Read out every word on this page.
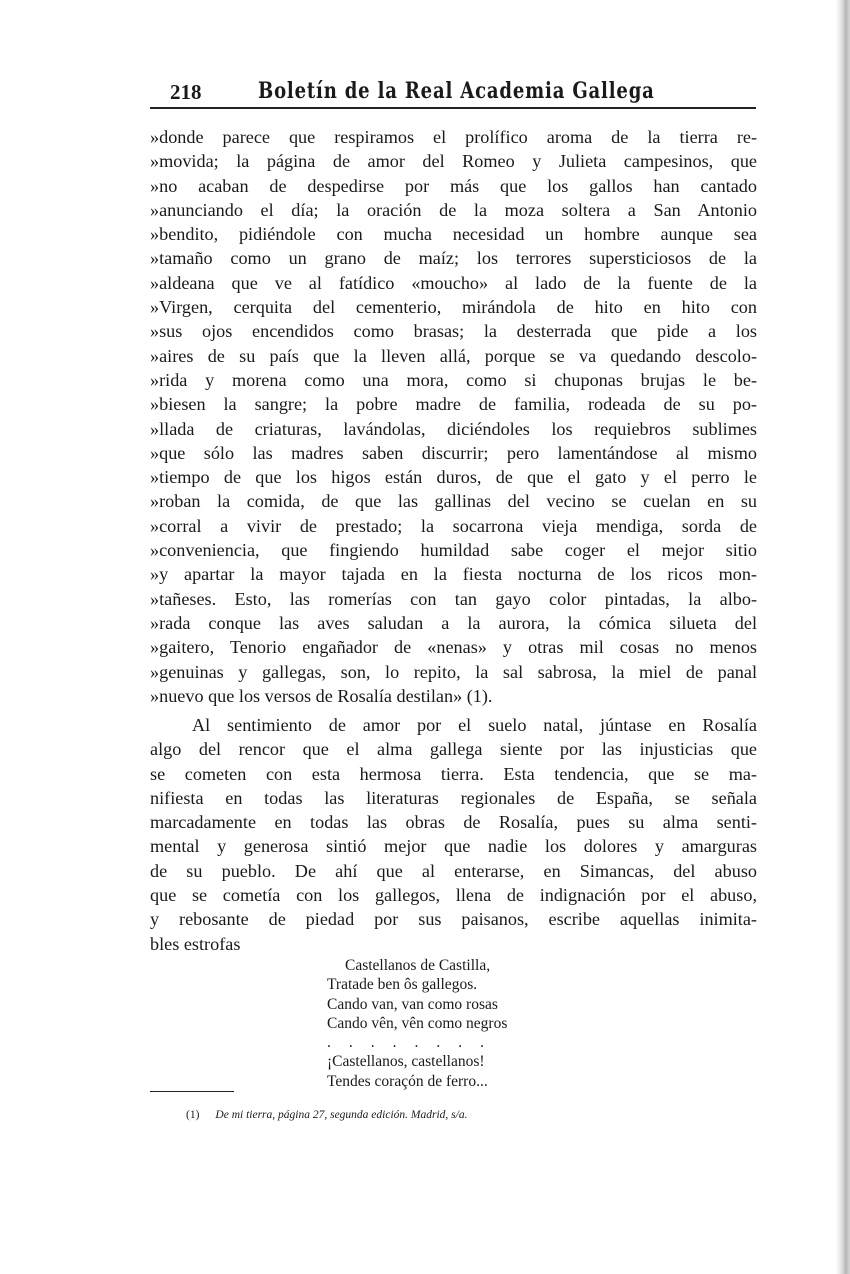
218	Boletín de la Real Academia Gallega
»donde parece que respiramos el prolífico aroma de la tierra re-
»movida; la página de amor del Romeo y Julieta campesinos, que
»no acaban de despedirse por más que los gallos han cantado
»anunciando el día; la oración de la moza soltera a San Antonio
»bendito, pidiéndole con mucha necesidad un hombre aunque sea
»tamaño como un grano de maíz; los terrores supersticiosos de la
»aldeana que ve al fatídico «moucho» al lado de la fuente de la
»Virgen, cerquita del cementerio, mirándola de hito en hito con
»sus ojos encendidos como brasas; la desterrada que pide a los
»aires de su país que la lleven allá, porque se va quedando descolo-
»rida y morena como una mora, como si chuponas brujas le be-
»biesen la sangre; la pobre madre de familia, rodeada de su po-
»llada de criaturas, lavándolas, diciéndoles los requiebros sublimes
»que sólo las madres saben discurrir; pero lamentándose al mismo
»tiempo de que los higos están duros, de que el gato y el perro le
»roban la comida, de que las gallinas del vecino se cuelan en su
»corral a vivir de prestado; la socarrona vieja mendiga, sorda de
»conveniencia, que fingiendo humildad sabe coger el mejor sitio
»y apartar la mayor tajada en la fiesta nocturna de los ricos mon-
»tañeses. Esto, las romerías con tan gayo color pintadas, la albo-
»rada conque las aves saludan a la aurora, la cómica silueta del
»gaitero, Tenorio engañador de «nenas» y otras mil cosas no menos
»genuinas y gallegas, son, lo repito, la sal sabrosa, la miel de panal
»nuevo que los versos de Rosalía destilan» (1).
Al sentimiento de amor por el suelo natal, júntase en Rosalía
algo del rencor que el alma gallega siente por las injusticias que
se cometen con esta hermosa tierra. Esta tendencia, que se ma-
nifiesta en todas las literaturas regionales de España, se señala
marcadamente en todas las obras de Rosalía, pues su alma senti-
mental y generosa sintió mejor que nadie los dolores y amarguras
de su pueblo. De ahí que al enterarse, en Simancas, del abuso
que se cometía con los gallegos, llena de indignación por el abuso,
y rebosante de piedad por sus paisanos, escribe aquellas inimita-
bles estrofas
Castellanos de Castilla,
Tratade ben ôs gallegos.
Cando van, van como rosas
Cando vên, vên como negros
........
¡Castellanos, castellanos!
Tendes coraçón de ferro...
(1) De mi tierra, página 27, segunda edición. Madrid, s/a.
